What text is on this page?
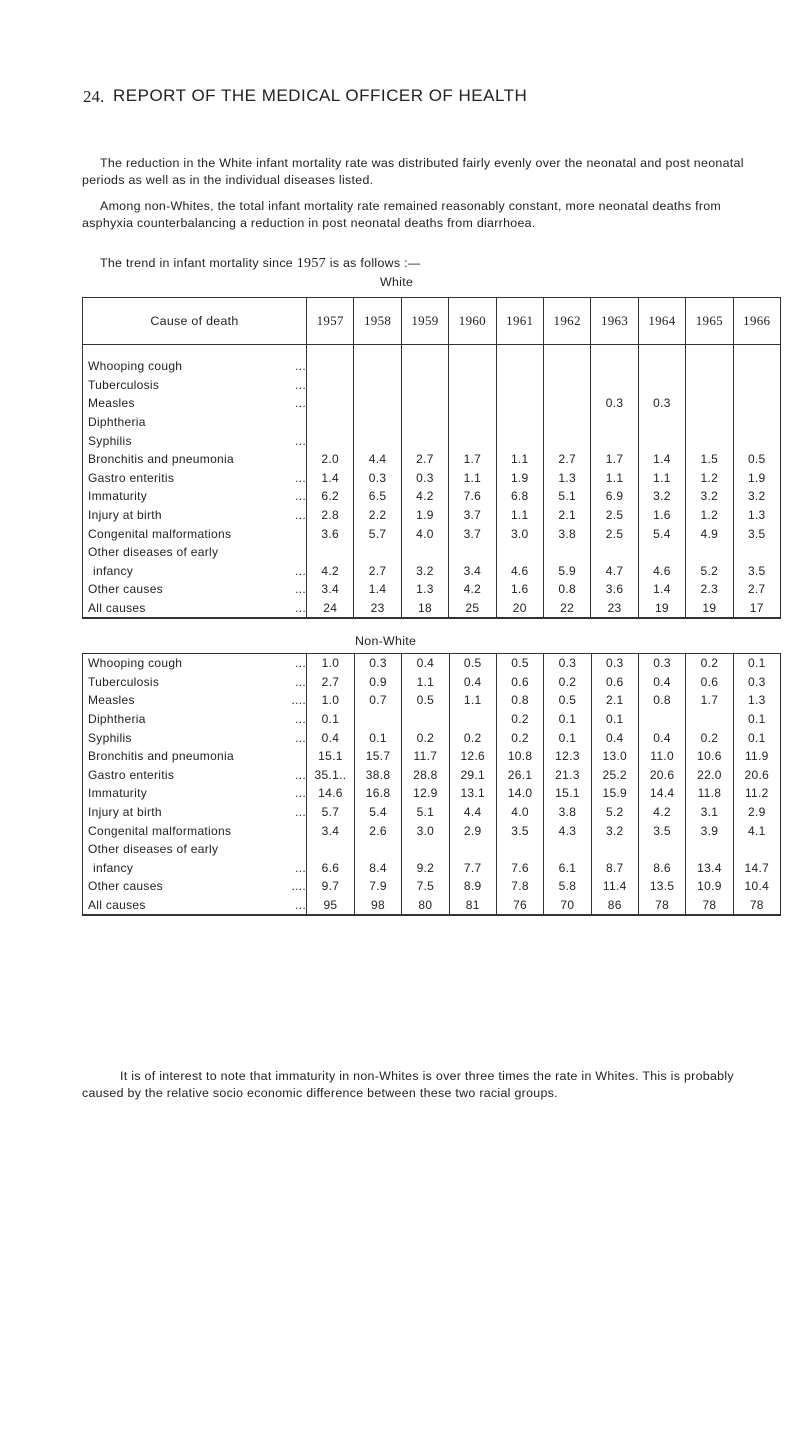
24. REPORT OF THE MEDICAL OFFICER OF HEALTH
The reduction in the White infant mortality rate was distributed fairly evenly over the neonatal and post neonatal periods as well as in the individual diseases listed.
Among non-Whites, the total infant mortality rate remained reasonably constant, more neonatal deaths from asphyxia counterbalancing a reduction in post neonatal deaths from diarrhoea.
The trend in infant mortality since 1957 is as follows :—
White
Cause of death	1957	1958	1959	1960	1961	1962	1963	1964	1965	1966

Whooping cough ...										

Tuberculosis ...										

Measles ...							0.3	0.3		

Diphtheria										

Syphilis ...										

Bronchitis and pneumonia	2.0	4.4	2.7	1.7	1.1	2.7	1.7	1.4	1.5	0.5

Gastro enteritis ...	1.4	0.3	0.3	1.1	1.9	1.3	1.1	1.1	1.2	1.9

Immaturity ...	6.2	6.5	4.2	7.6	6.8	5.1	6.9	3.2	3.2	3.2

Injury at birth ...	2.8	2.2	1.9	3.7	1.1	2.1	2.5	1.6	1.2	1.3

Congenital malformations	3.6	5.7	4.0	3.7	3.0	3.8	2.5	5.4	4.9	3.5

Other diseases of early										

infancy ...	4.2	2.7	3.2	3.4	4.6	5.9	4.7	4.6	5.2	3.5

Other causes ...	3.4	1.4	1.3	4.2	1.6	0.8	3.6	1.4	2.3	2.7

All causes ...	24	23	18	25	20	22	23	19	19	17
Non-White
Whooping cough ...	1.0	0.3	0.4	0.5	0.5	0.3	0.3	0.3	0.2	0.1

Tuberculosis ...	2.7	0.9	1.1	0.4	0.6	0.2	0.6	0.4	0.6	0.3

Measles ....	1.0	0.7	0.5	1.1	0.8	0.5	2.1	0.8	1.7	1.3

Diphtheria ...	0.1				0.2	0.1	0.1			0.1

Syphilis ...	0.4	0.1	0.2	0.2	0.2	0.1	0.4	0.4	0.2	0.1

Bronchitis and pneumonia	15.1	15.7	11.7	12.6	10.8	12.3	13.0	11.0	10.6	11.9

Gastro enteritis ...	35.1..	38.8	28.8	29.1	26.1	21.3	25.2	20.6	22.0	20.6

Immaturity ...	14.6	16.8	12.9	13.1	14.0	15.1	15.9	14.4	11.8	11.2

Injury at birth ...	5.7	5.4	5.1	4.4	4.0	3.8	5.2	4.2	3.1	2.9

Congenital malformations	3.4	2.6	3.0	2.9	3.5	4.3	3.2	3.5	3.9	4.1

Other diseases of early										

infancy ...	6.6	8.4	9.2	7.7	7.6	6.1	8.7	8.6	13.4	14.7

Other causes ....	9.7	7.9	7.5	8.9	7.8	5.8	11.4	13.5	10.9	10.4

All causes ...	95	98	80	81	76	70	86	78	78	78
It is of interest to note that immaturity in non-Whites is over three times the rate in Whites. This is probably caused by the relative socio economic difference between these two racial groups.
